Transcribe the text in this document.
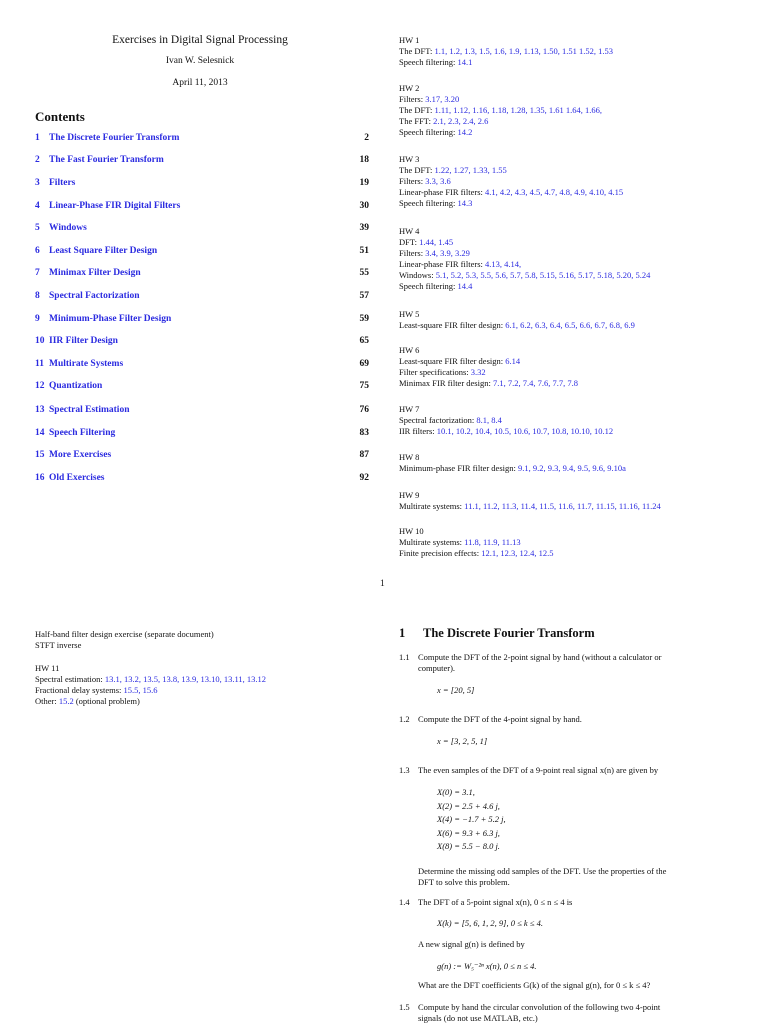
Exercises in Digital Signal Processing
Ivan W. Selesnick
April 11, 2013
Contents
1 The Discrete Fourier Transform	2
2 The Fast Fourier Transform	18
3 Filters	19
4 Linear-Phase FIR Digital Filters	30
5 Windows	39
6 Least Square Filter Design	51
7 Minimax Filter Design	55
8 Spectral Factorization	57
9 Minimum-Phase Filter Design	59
10 IIR Filter Design	65
11 Multirate Systems	69
12 Quantization	75
13 Spectral Estimation	76
14 Speech Filtering	83
15 More Exercises	87
16 Old Exercises	92
HW 1
The DFT: 1.1, 1.2, 1.3, 1.5, 1.6, 1.9, 1.13, 1.50, 1.51 1.52, 1.53
Speech filtering: 14.1
HW 2
Filters: 3.17, 3.20
The DFT: 1.11, 1.12, 1.16, 1.18, 1.28, 1.35, 1.61 1.64, 1.66,
The FFT: 2.1, 2.3, 2.4, 2.6
Speech filtering: 14.2
HW 3
The DFT: 1.22, 1.27, 1.33, 1.55
Filters: 3.3, 3.6
Linear-phase FIR filters: 4.1, 4.2, 4.3, 4.5, 4.7, 4.8, 4.9, 4.10, 4.15
Speech filtering: 14.3
HW 4
DFT: 1.44, 1.45
Filters: 3.4, 3.9, 3.29
Linear-phase FIR filters: 4.13, 4.14,
Windows: 5.1, 5.2, 5.3, 5.5, 5.6, 5.7, 5.8, 5.15, 5.16, 5.17, 5.18, 5.20, 5.24
Speech filtering: 14.4
HW 5
Least-square FIR filter design: 6.1, 6.2, 6.3, 6.4, 6.5, 6.6, 6.7, 6.8, 6.9
HW 6
Least-square FIR filter design: 6.14
Filter specifications: 3.32
Minimax FIR filter design: 7.1, 7.2, 7.4, 7.6, 7.7, 7.8
HW 7
Spectral factorization: 8.1, 8.4
IIR filters: 10.1, 10.2, 10.4, 10.5, 10.6, 10.7, 10.8, 10.10, 10.12
HW 8
Minimum-phase FIR filter design: 9.1, 9.2, 9.3, 9.4, 9.5, 9.6, 9.10a
HW 9
Multirate systems: 11.1, 11.2, 11.3, 11.4, 11.5, 11.6, 11.7, 11.15, 11.16, 11.24
HW 10
Multirate systems: 11.8, 11.9, 11.13
Finite precision effects: 12.1, 12.3, 12.4, 12.5
1
Half-band filter design exercise (separate document)
STFT inverse
HW 11
Spectral estimation: 13.1, 13.2, 13.5, 13.8, 13.9, 13.10, 13.11, 13.12
Fractional delay systems: 15.5, 15.6
Other: 15.2 (optional problem)
1 The Discrete Fourier Transform
1.1 Compute the DFT of the 2-point signal by hand (without a calculator or
computer).
x = [20, 5]
1.2 Compute the DFT of the 4-point signal by hand.
x = [3, 2, 5, 1]
1.3 The even samples of the DFT of a 9-point real signal x(n) are given by
X(0) = 3.1,
X(2) = 2.5 + 4.6 j,
X(4) = −1.7 + 5.2 j,
X(6) = 9.3 + 6.3 j,
X(8) = 5.5 − 8.0 j.
Determine the missing odd samples of the DFT. Use the properties of the
DFT to solve this problem.
1.4 The DFT of a 5-point signal x(n), 0 ≤ n ≤ 4 is
X(k) = [5, 6, 1, 2, 9], 0 ≤ k ≤ 4.
A new signal g(n) is defined by
g(n) := W₅⁻²ⁿ x(n), 0 ≤ n ≤ 4.
What are the DFT coefficients G(k) of the signal g(n), for 0 ≤ k ≤ 4?
1.5 Compute by hand the circular convolution of the following two 4-point
signals (do not use MATLAB, etc.)
